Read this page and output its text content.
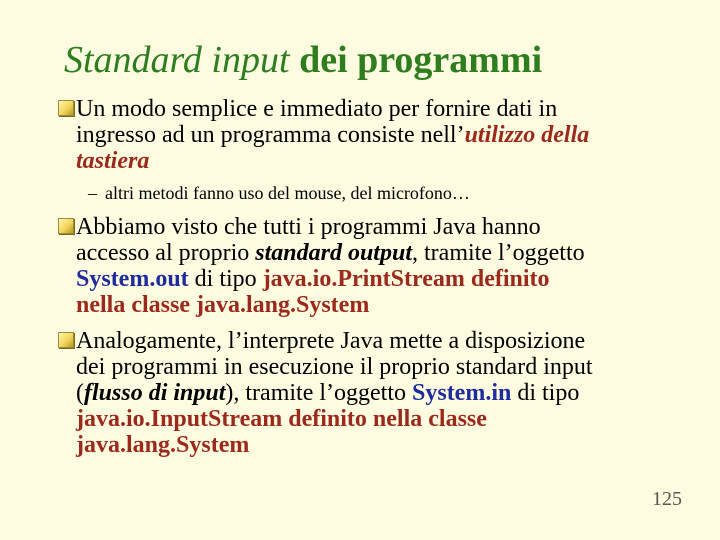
Standard input dei programmi
Un modo semplice e immediato per fornire dati in
ingresso ad un programma consiste nell’utilizzo della
tastiera
– altri metodi fanno uso del mouse, del microfono…
Abbiamo visto che tutti i programmi Java hanno
accesso al proprio standard output, tramite l’oggetto
System.out di tipo java.io.PrintStream definito
nella classe java.lang.System
Analogamente, l’interprete Java mette a disposizione
dei programmi in esecuzione il proprio standard input
(flusso di input), tramite l’oggetto System.in di tipo
java.io.InputStream definito nella classe
java.lang.System
125
